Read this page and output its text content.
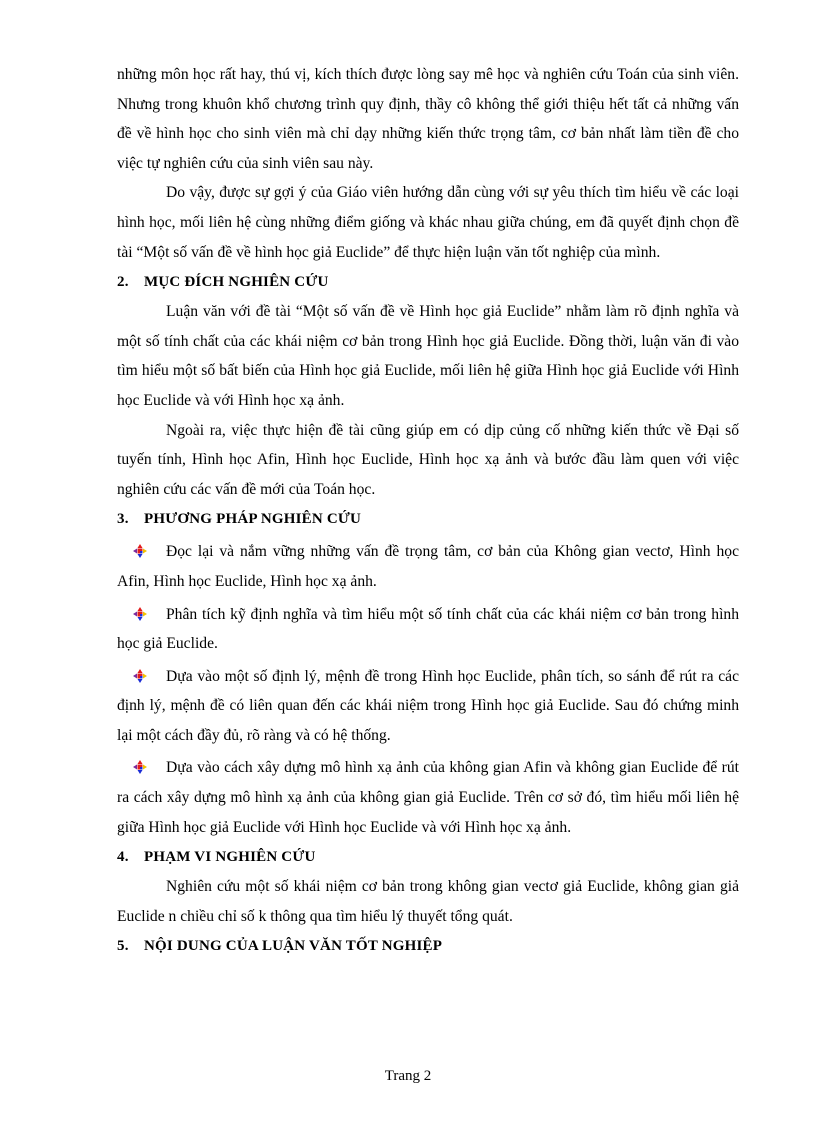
những môn học rất hay, thú vị, kích thích được lòng say mê học và nghiên cứu Toán của sinh viên. Nhưng trong khuôn khổ chương trình quy định, thầy cô không thể giới thiệu hết tất cả những vấn đề về hình học cho sinh viên mà chỉ dạy những kiến thức trọng tâm, cơ bản nhất làm tiền đề cho việc tự nghiên cứu của sinh viên sau này.

Do vậy, được sự gợi ý của Giáo viên hướng dẫn cùng với sự yêu thích tìm hiểu về các loại hình học, mối liên hệ cùng những điểm giống và khác nhau giữa chúng, em đã quyết định chọn đề tài “Một số vấn đề về hình học giả Euclide” để thực hiện luận văn tốt nghiệp của mình.

2. MỤC ĐÍCH NGHIÊN CỨU

Luận văn với đề tài “Một số vấn đề về Hình học giả Euclide” nhằm làm rõ định nghĩa và một số tính chất của các khái niệm cơ bản trong Hình học giả Euclide. Đồng thời, luận văn đi vào tìm hiểu một số bất biến của Hình học giả Euclide, mối liên hệ giữa Hình học giả Euclide với Hình học Euclide và với Hình học xạ ảnh.

Ngoài ra, việc thực hiện đề tài cũng giúp em có dịp củng cố những kiến thức về Đại số tuyến tính, Hình học Afin, Hình học Euclide, Hình học xạ ảnh và bước đầu làm quen với việc nghiên cứu các vấn đề mới của Toán học.

3. PHƯƠNG PHÁP NGHIÊN CỨU

Đọc lại và nắm vững những vấn đề trọng tâm, cơ bản của Không gian vectơ, Hình học Afin, Hình học Euclide, Hình học xạ ảnh.

Phân tích kỹ định nghĩa và tìm hiểu một số tính chất của các khái niệm cơ bản trong hình học giả Euclide.

Dựa vào một số định lý, mệnh đề trong Hình học Euclide, phân tích, so sánh để rút ra các định lý, mệnh đề có liên quan đến các khái niệm trong Hình học giả Euclide. Sau đó chứng minh lại một cách đầy đủ, rõ ràng và có hệ thống.

Dựa vào cách xây dựng mô hình xạ ảnh của không gian Afin và không gian Euclide để rút ra cách xây dựng mô hình xạ ảnh của không gian giả Euclide. Trên cơ sở đó, tìm hiểu mối liên hệ giữa Hình học giả Euclide với Hình học Euclide và với Hình học xạ ảnh.

4. PHẠM VI NGHIÊN CỨU

Nghiên cứu một số khái niệm cơ bản trong không gian vectơ giả Euclide, không gian giả Euclide n chiều chỉ số k thông qua tìm hiểu lý thuyết tổng quát.

5. NỘI DUNG CỦA LUẬN VĂN TỐT NGHIỆP
Trang 2
